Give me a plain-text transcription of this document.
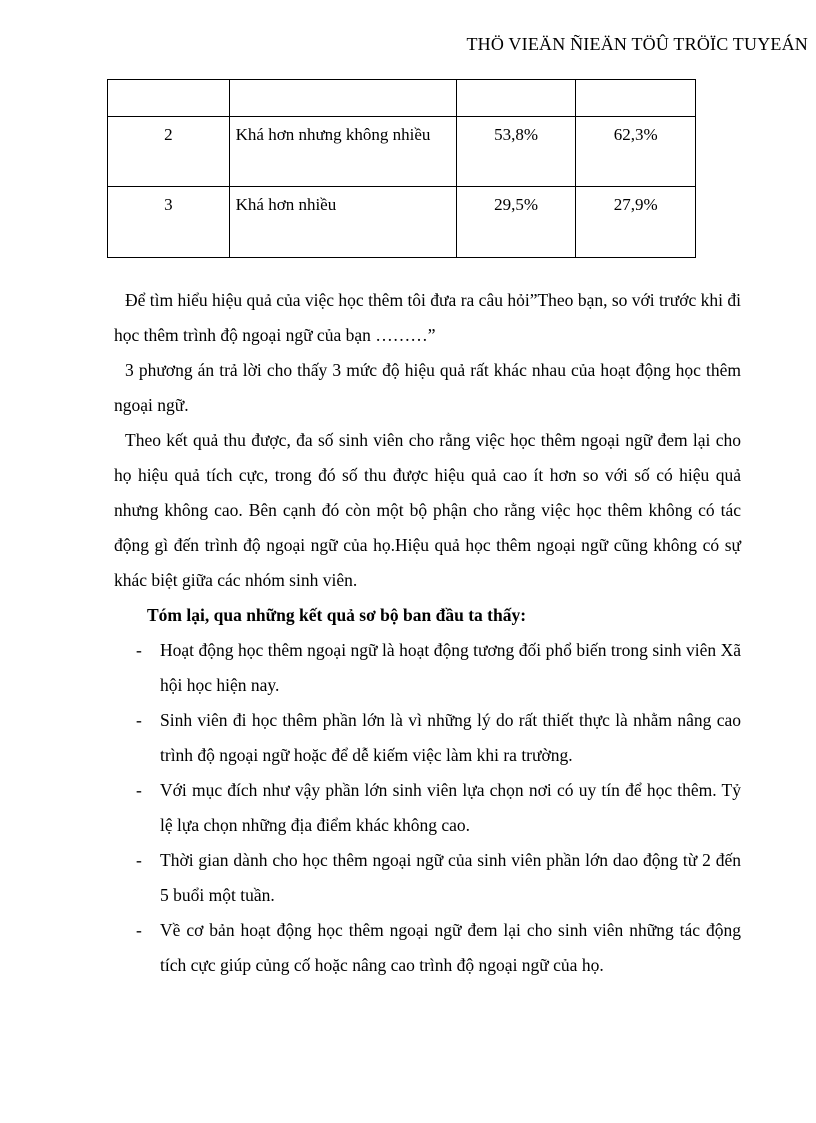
THÖ VIEÄN ÑIEÄN TÖÛ TRÖÏC TUYEÁN

2	Khá hơn nhưng không nhiều	53,8%	62,3%
3	Khá hơn nhiều	29,5%	27,9%

Để tìm hiểu hiệu quả của việc học thêm tôi đưa ra câu hỏi”Theo bạn, so với trước khi đi học thêm trình độ ngoại ngữ của bạn ………”

3 phương án trả lời cho thấy 3 mức độ hiệu quả rất khác nhau của hoạt động học thêm ngoại ngữ.

Theo kết quả thu được, đa số sinh viên cho rằng việc học thêm ngoại ngữ đem lại cho họ hiệu quả tích cực, trong đó số thu được hiệu quả cao ít hơn so với số có hiệu quả nhưng không cao. Bên cạnh đó còn một bộ phận cho rằng việc học thêm không có tác động gì đến trình độ ngoại ngữ của họ.Hiệu quả học thêm ngoại ngữ cũng không có sự khác biệt giữa các nhóm sinh viên.

Tóm lại, qua những kết quả sơ bộ ban đầu ta thấy:

- Hoạt động học thêm ngoại ngữ là hoạt động tương đối phổ biến trong sinh viên Xã hội học hiện nay.
- Sinh viên đi học thêm phần lớn là vì những lý do rất thiết thực là nhằm nâng cao trình độ ngoại ngữ hoặc để dễ kiếm việc làm khi ra trường.
- Với mục đích như vậy phần lớn sinh viên lựa chọn nơi có uy tín để học thêm. Tỷ lệ lựa chọn những địa điểm khác không cao.
- Thời gian dành cho học thêm ngoại ngữ của sinh viên phần lớn dao động từ 2 đến 5 buổi một tuần.
- Về cơ bản hoạt động học thêm ngoại ngữ đem lại cho sinh viên những tác động tích cực giúp củng cố hoặc nâng cao trình độ ngoại ngữ của họ.
